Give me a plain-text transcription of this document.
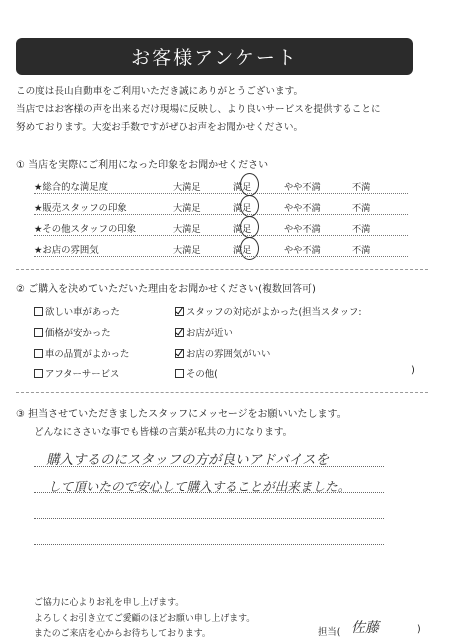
お客様アンケート
この度は長山自動車をご利用いただき誠にありがとうございます。
当店ではお客様の声を出来るだけ現場に反映し、より良いサービスを提供することに
努めております。大変お手数ですがぜひお声をお聞かせください。
① 当店を実際にご利用になった印象をお聞かせください
★総合的な満足度	大満足	満足	やや不満	不満
★販売スタッフの印象	大満足	満足	やや不満	不満
★その他スタッフの印象	大満足	満足	やや不満	不満
★お店の雰囲気	大満足	満足	やや不満	不満
② ご購入を決めていただいた理由をお聞かせください(複数回答可)
欲しい車があった
価格が安かった
車の品質がよかった
アフターサービス
スタッフの対応がよかった(担当スタッフ:
お店が近い
お店の雰囲気がいい
その他(	)
③ 担当させていただきましたスタッフにメッセージをお願いいたします。
どんなにささいな事でも皆様の言葉が私共の力になります。
購入するのにスタッフの方が良いアドバイスを
して頂いたので安心して購入することが出来ました。
ご協力に心よりお礼を申し上げます。
よろしくお引き立てご愛顧のほどお願い申し上げます。
またのご来店を心からお待ちしております。	担当( 佐藤	)
